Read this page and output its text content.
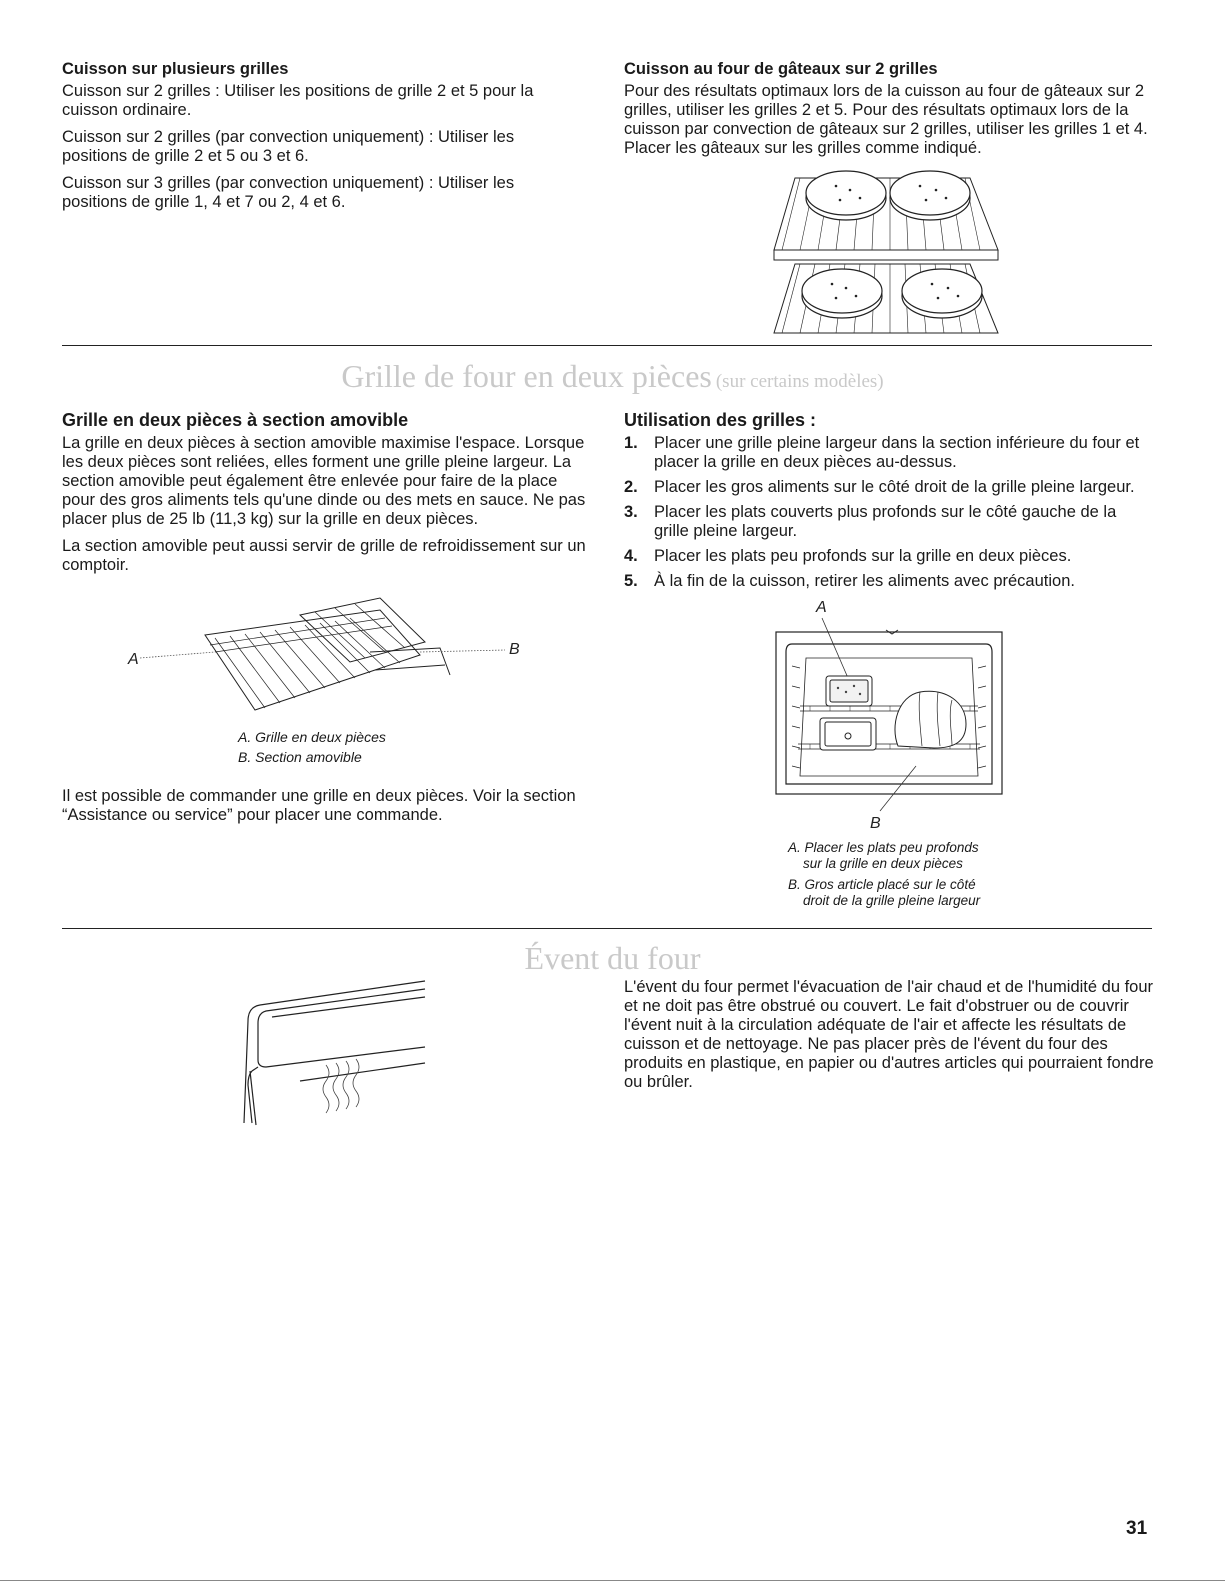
Cuisson sur plusieurs grilles

Cuisson sur 2 grilles : Utiliser les positions de grille 2 et 5 pour la cuisson ordinaire.

Cuisson sur 2 grilles (par convection uniquement) : Utiliser les positions de grille 2 et 5 ou 3 et 6.

Cuisson sur 3 grilles (par convection uniquement) : Utiliser les positions de grille 1, 4 et 7 ou 2, 4 et 6.

Cuisson au four de gâteaux sur 2 grilles

Pour des résultats optimaux lors de la cuisson au four de gâteaux sur 2 grilles, utiliser les grilles 2 et 5. Pour des résultats optimaux lors de la cuisson par convection de gâteaux sur 2 grilles, utiliser les grilles 1 et 4. Placer les gâteaux sur les grilles comme indiqué.

Grille de four en deux pièces (sur certains modèles)
Grille en deux pièces à section amovible

La grille en deux pièces à section amovible maximise l'espace. Lorsque les deux pièces sont reliées, elles forment une grille pleine largeur. La section amovible peut également être enlevée pour faire de la place pour des gros aliments tels qu'une dinde ou des mets en sauce. Ne pas placer plus de 25 lb (11,3 kg) sur la grille en deux pièces.

La section amovible peut aussi servir de grille de refroidissement sur un comptoir.

A
B
A. Grille en deux pièces
B. Section amovible

Il est possible de commander une grille en deux pièces. Voir la section “Assistance ou service” pour placer une commande.

Utilisation des grilles :
1. Placer une grille pleine largeur dans la section inférieure du four et placer la grille en deux pièces au-dessus.
2. Placer les gros aliments sur le côté droit de la grille pleine largeur.
3. Placer les plats couverts plus profonds sur le côté gauche de la grille pleine largeur.
4. Placer les plats peu profonds sur la grille en deux pièces.
5. À la fin de la cuisson, retirer les aliments avec précaution.
A
B
A. Placer les plats peu profonds
sur la grille en deux pièces
B. Gros article placé sur le côté
droit de la grille pleine largeur
Évent du four

L'évent du four permet l'évacuation de l'air chaud et de l'humidité du four et ne doit pas être obstrué ou couvert. Le fait d'obstruer ou de couvrir l'évent nuit à la circulation adéquate de l'air et affecte les résultats de cuisson et de nettoyage. Ne pas placer près de l'évent du four des produits en plastique, en papier ou d'autres articles qui pourraient fondre ou brûler.

31
